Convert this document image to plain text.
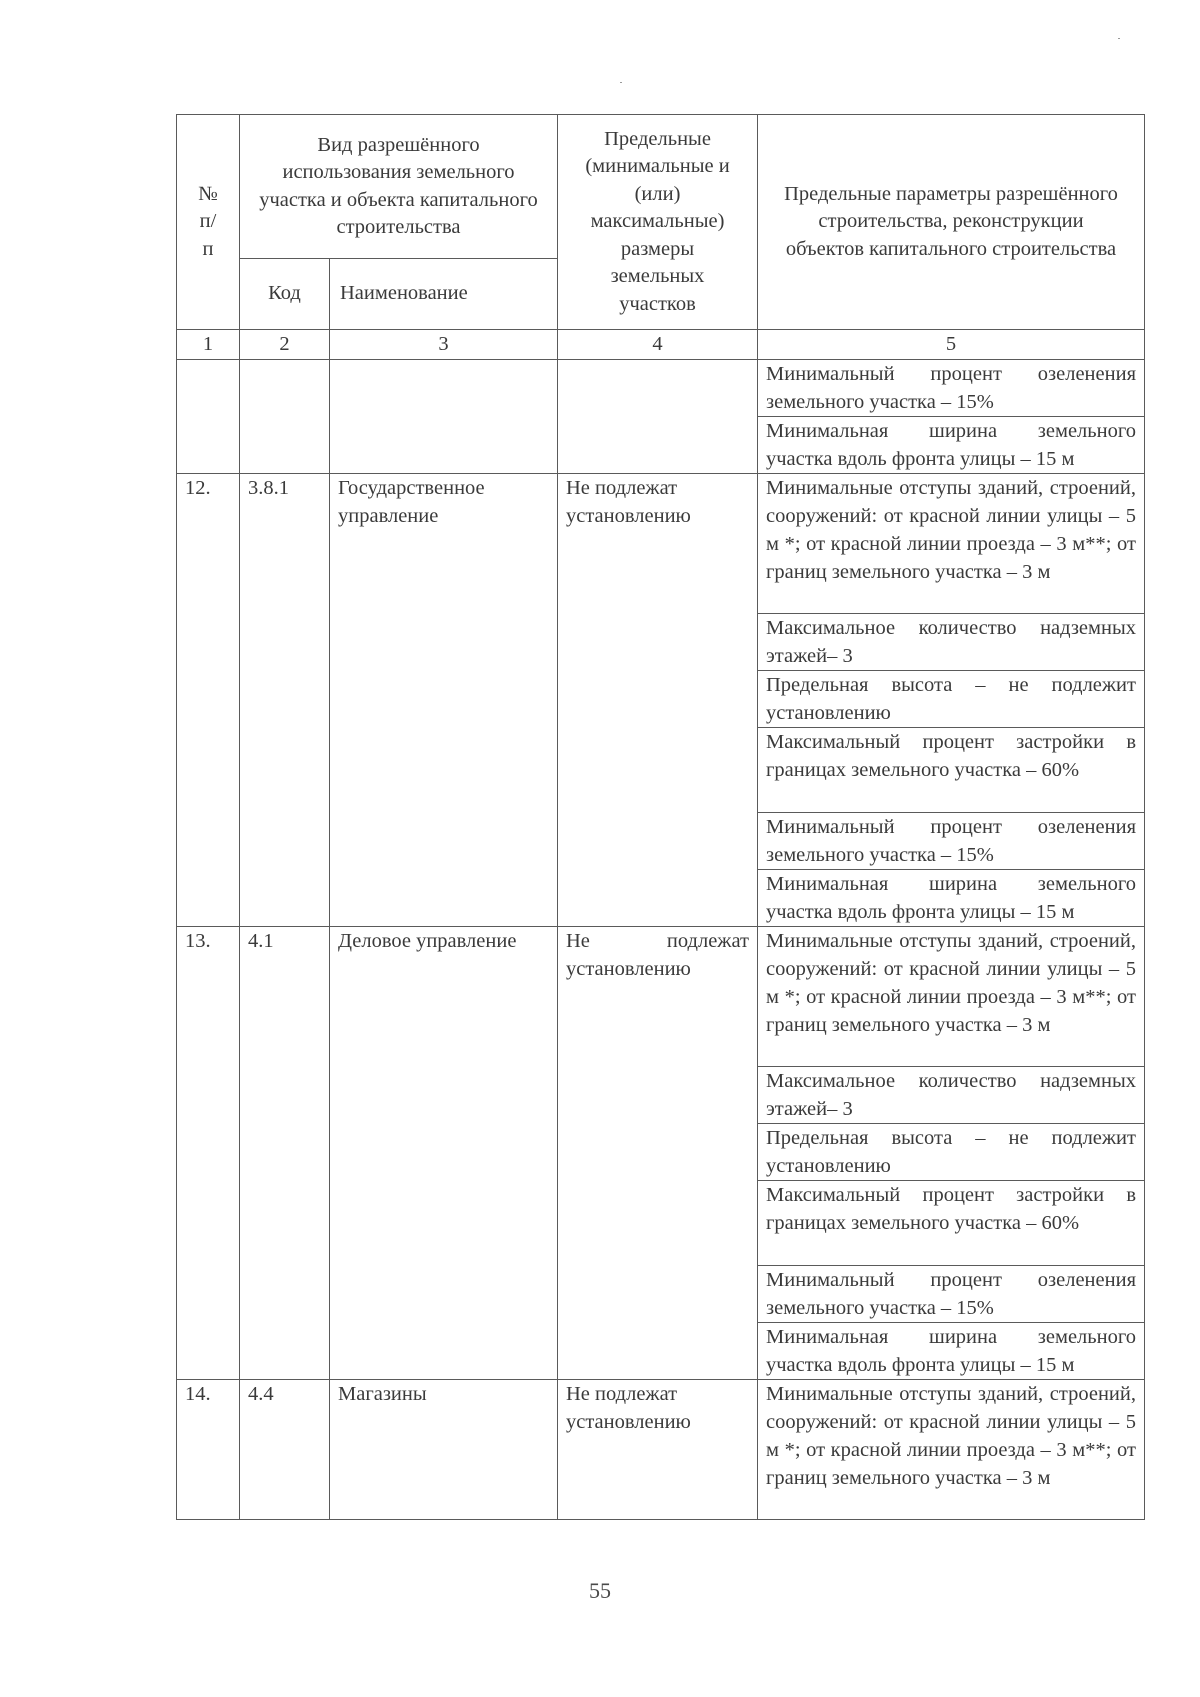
№ п/п	Вид разрешённого использования земельного участка и объекта капитального строительства		Предельные (минимальные и (или) максимальные) размеры земельных участков	Предельные параметры разрешённого строительства, реконструкции объектов капитального строительства
	Код	Наименование		
1	2	3	4	5
				Минимальный процент озеленения земельного участка – 15%
				Минимальная ширина земельного участка вдоль фронта улицы – 15 м
12.	3.8.1	Государственное управление	Не подлежат установлению	Минимальные отступы зданий, строений, сооружений: от красной линии улицы – 5 м *; от красной линии проезда – 3 м**; от границ земельного участка – 3 м
				Максимальное количество надземных этажей– 3
				Предельная высота – не подлежит установлению
				Максимальный процент застройки в границах земельного участка – 60%
				Минимальный процент озеленения земельного участка – 15%
				Минимальная ширина земельного участка вдоль фронта улицы – 15 м
13.	4.1	Деловое управление	Не подлежат установлению	Минимальные отступы зданий, строений, сооружений: от красной линии улицы – 5 м *; от красной линии проезда – 3 м**; от границ земельного участка – 3 м
				Максимальное количество надземных этажей– 3
				Предельная высота – не подлежит установлению
				Максимальный процент застройки в границах земельного участка – 60%
				Минимальный процент озеленения земельного участка – 15%
				Минимальная ширина земельного участка вдоль фронта улицы – 15 м
14.	4.4	Магазины	Не подлежат установлению	Минимальные отступы зданий, строений, сооружений: от красной линии улицы – 5 м *; от красной линии проезда – 3 м**; от границ земельного участка – 3 м
55
